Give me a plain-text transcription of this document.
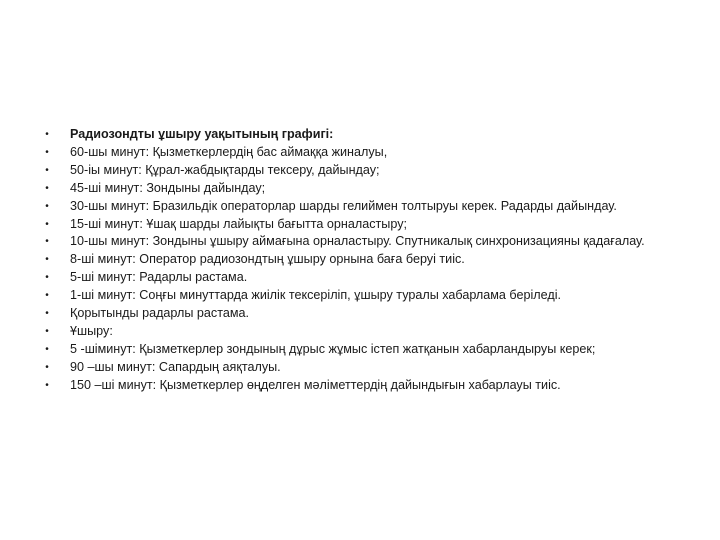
• Радиозондты ұшыру уақытының графигі:
• 60-шы минут: Қызметкерлердің бас аймаққа жиналуы,
• 50-іы минут: Құрал-жабдықтарды тексеру, дайындау;
• 45-ші минут: Зондыны дайындау;
• 30-шы минут: Бразильдік операторлар шарды гелиймен толтыруы керек. Радарды дайындау.
• 15-ші минут: Ұшақ шарды лайықты бағытта орналастыру;
• 10-шы минут: Зондыны ұшыру аймағына орналастыру. Спутникалық синхронизацияны қадағалау.
• 8-ші минут: Оператор радиозондтың ұшыру орнына баға беруі тиіс.
• 5-ші минут: Радарлы растама.
• 1-ші минут: Соңғы минуттарда жиілік тексеріліп, ұшыру туралы хабарлама беріледі.
• Қорытынды радарлы растама.
• Ұшыру:
• 5 -шіминут: Қызметкерлер зондының дұрыс жұмыс істеп жатқанын хабарландыруы керек;
• 90 –шы минут: Сапардың аяқталуы.
• 150 –ші минут: Қызметкерлер өңделген мәліметтердің дайындығын хабарлауы тиіс.
